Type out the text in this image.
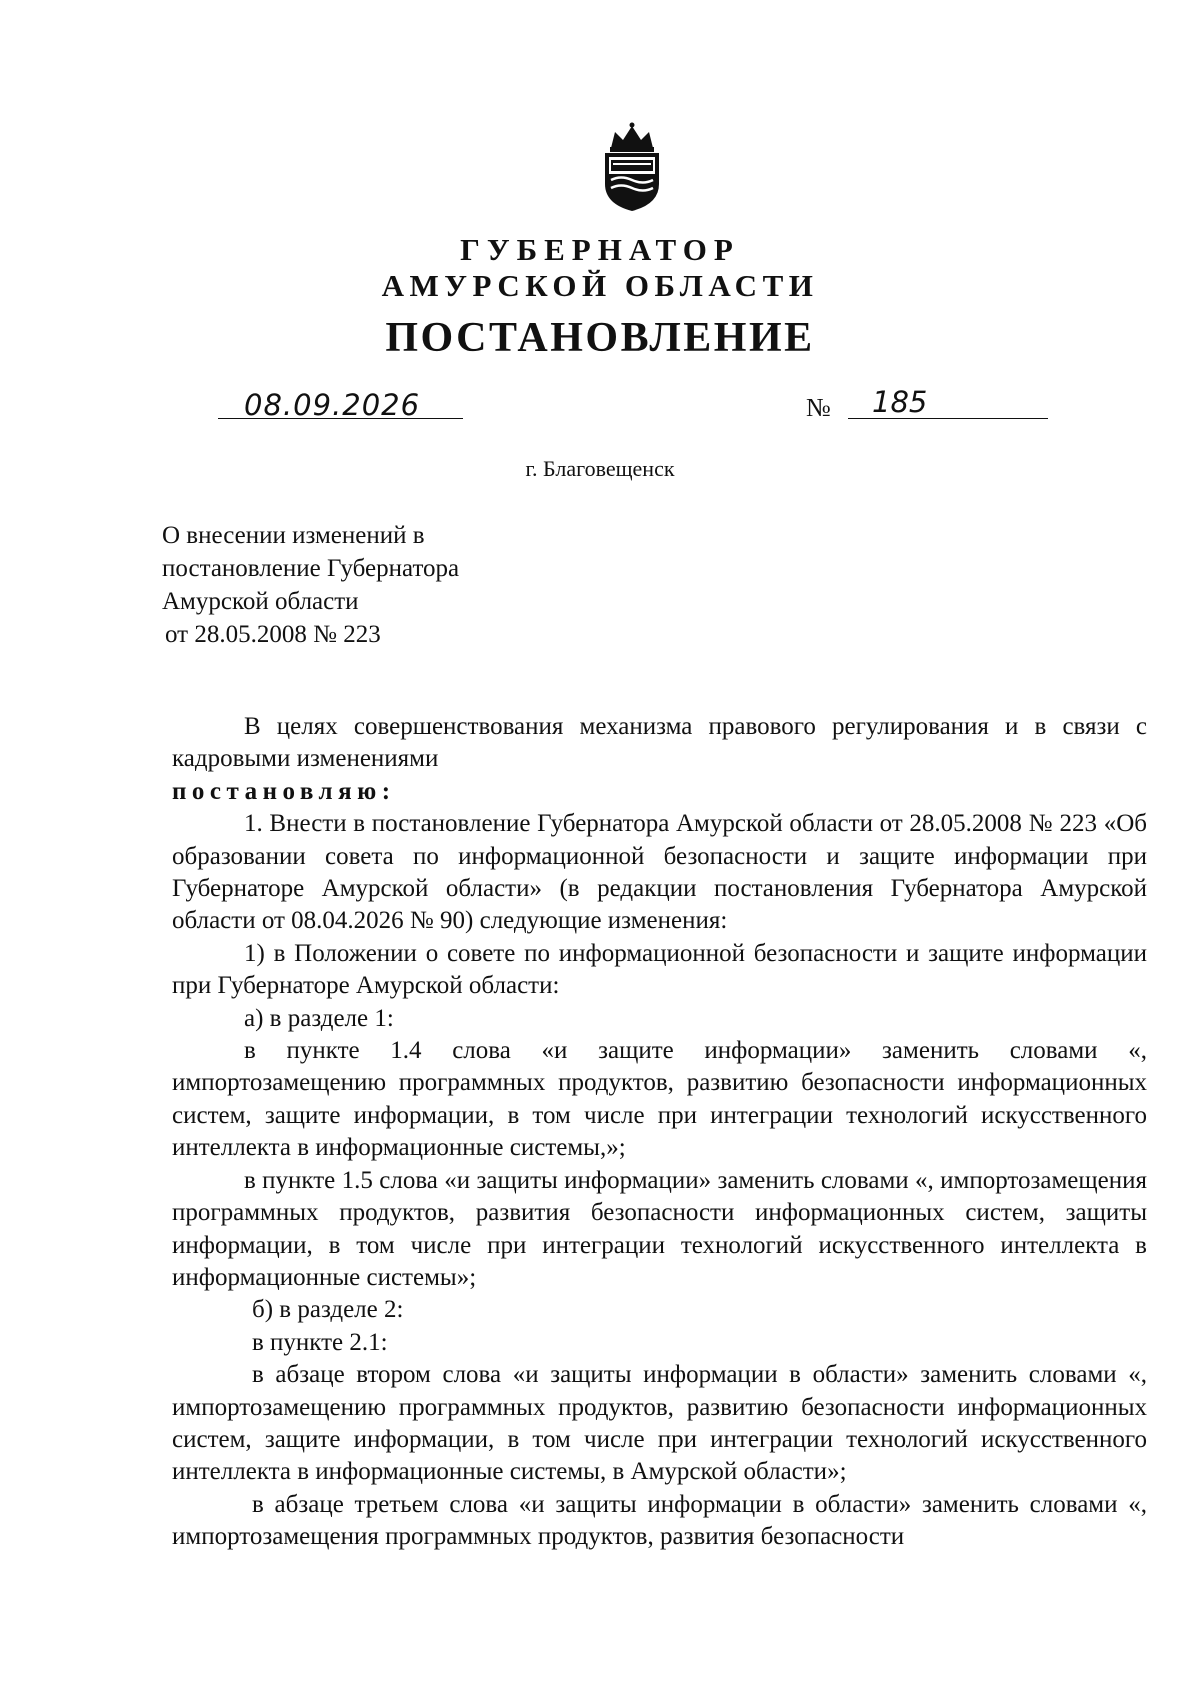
ГУБЕРНАТОР
АМУРСКОЙ ОБЛАСТИ
ПОСТАНОВЛЕНИЕ
08.09.2026	№ 185
г. Благовещенск
О внесении изменений в
постановление Губернатора
Амурской области
от 28.05.2008 № 223

В целях совершенствования механизма правового регулирования и в связи с кадровыми изменениями

постановляю:

1. Внести в постановление Губернатора Амурской области от 28.05.2008 № 223 «Об образовании совета по информационной безопасности и защите информации при Губернаторе Амурской области» (в редакции постановления Губернатора Амурской области от 08.04.2026 № 90) следующие изменения:

1) в Положении о совете по информационной безопасности и защите информации при Губернаторе Амурской области:

а) в разделе 1:

в пункте 1.4 слова «и защите информации» заменить словами «, импортозамещению программных продуктов, развитию безопасности информационных систем, защите информации, в том числе при интеграции технологий искусственного интеллекта в информационные системы,»;

в пункте 1.5 слова «и защиты информации» заменить словами «, импортозамещения программных продуктов, развития безопасности информационных систем, защиты информации, в том числе при интеграции технологий искусственного интеллекта в информационные системы»;

б) в разделе 2:

в пункте 2.1:

в абзаце втором слова «и защиты информации в области» заменить словами «, импортозамещению программных продуктов, развитию безопасности информационных систем, защите информации, в том числе при интеграции технологий искусственного интеллекта в информационные системы, в Амурской области»;

в абзаце третьем слова «и защиты информации в области» заменить словами «, импортозамещения программных продуктов, развития безопасности
